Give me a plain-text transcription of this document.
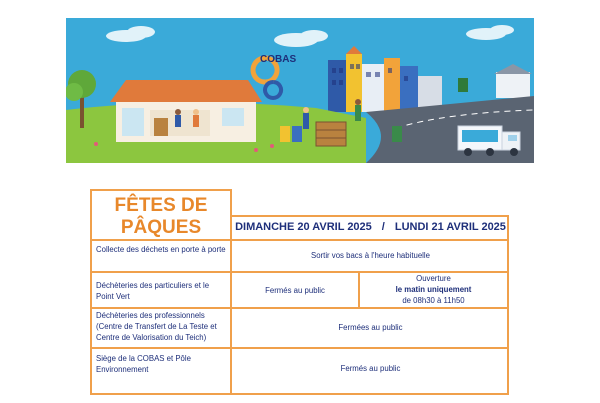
COBAS
FÊTES DE
PÂQUES	DIMANCHE 20 AVRIL 2025 / LUNDI 21 AVRIL 2025
Collecte des déchets en porte à porte
Sortir vos bacs à l'heure habituelle
Déchèteries des particuliers et le Point Vert
Fermés au public
Ouverture
le matin uniquement
de 08h30 à 11h50
Déchèteries des professionnels (Centre de Transfert de La Teste et Centre de Valorisation du Teich)
Fermées au public
Siège de la COBAS et Pôle Environnement	Fermés au public
